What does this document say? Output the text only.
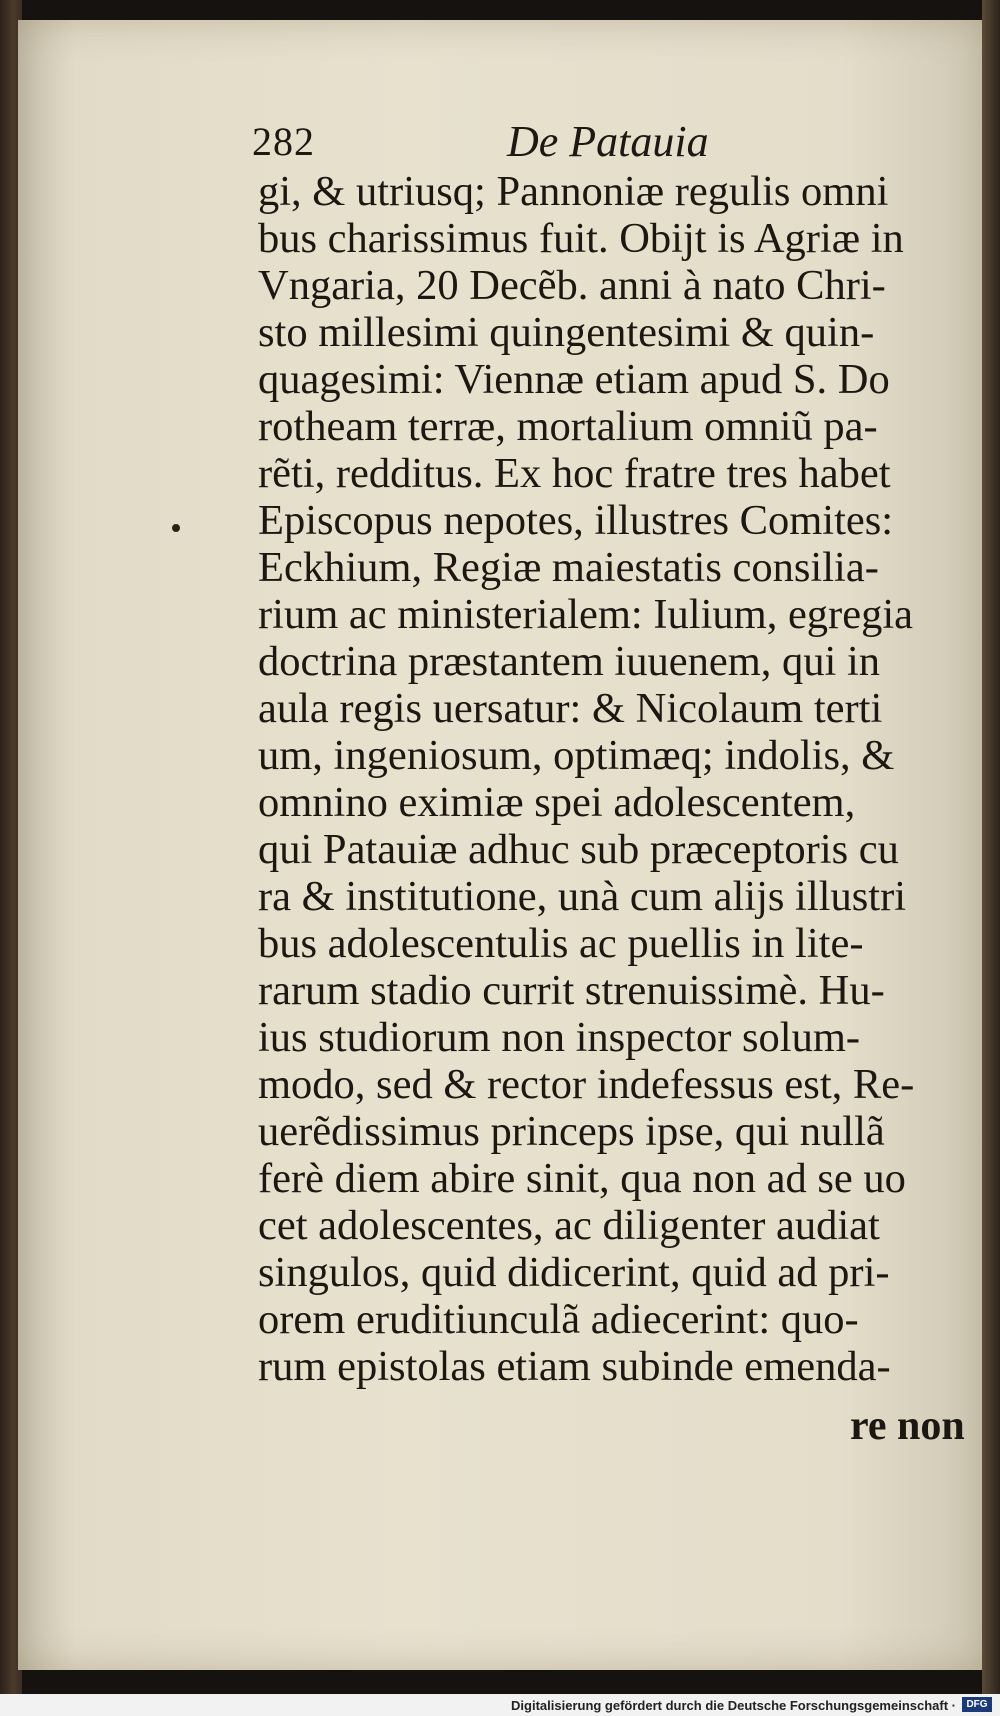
282	De Patauia
gi, & utriusq; Pannoniæ regulis omni
bus charissimus fuit. Obijt is Agriæ in
Vngaria, 20 Decẽb. anni à nato Chri-
sto millesimi quingentesimi & quin-
quagesimi: Viennæ etiam apud S. Do
rotheam terræ, mortalium omniũ pa-
rẽti, redditus. Ex hoc fratre tres habet
Episcopus nepotes, illustres Comites:
Eckhium, Regiæ maiestatis consilia-
rium ac ministerialem: Iulium, egregia
doctrina præstantem iuuenem, qui in
aula regis uersatur: & Nicolaum terti
um, ingeniosum, optimæq; indolis, &
omnino eximiæ spei adolescentem,
qui Patauiæ adhuc sub præceptoris cu
ra & institutione, unà cum alijs illustri
bus adolescentulis ac puellis in lite-
rarum stadio currit strenuissimè. Hu-
ius studiorum non inspector solum-
modo, sed & rector indefessus est, Re-
uerẽdissimus princeps ipse, qui nullã
ferè diem abire sinit, qua non ad se uo
cet adolescentes, ac diligenter audiat
singulos, quid didicerint, quid ad pri-
orem eruditiunculã adiecerint: quo-
rum epistolas etiam subinde emenda-
re non
Digitalisierung gefördert durch die Deutsche Forschungsgemeinschaft ·	DFG
